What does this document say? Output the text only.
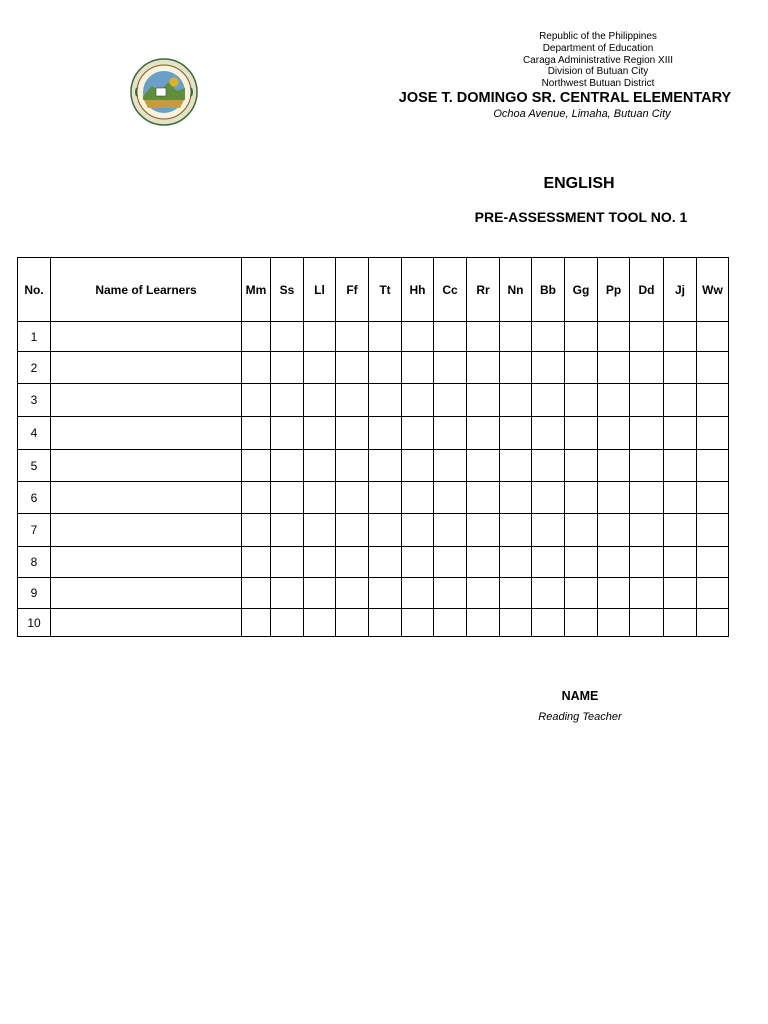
Republic of the Philippines
Department of Education
Caraga Administrative Region XIII
Division of Butuan City
Northwest Butuan District
JOSE T. DOMINGO SR. CENTRAL ELEMENTARY
Ochoa Avenue, Limaha, Butuan City
ENGLISH
PRE-ASSESSMENT TOOL NO. 1
No.	Name of Learners	Mm	Ss	Ll	Ff	Tt	Hh	Cc	Rr	Nn	Bb	Gg	Pp	Dd	Jj	Ww
1																
2																
3																
4																
5																
6																
7																
8																
9																
10																
NAME
Reading Teacher
